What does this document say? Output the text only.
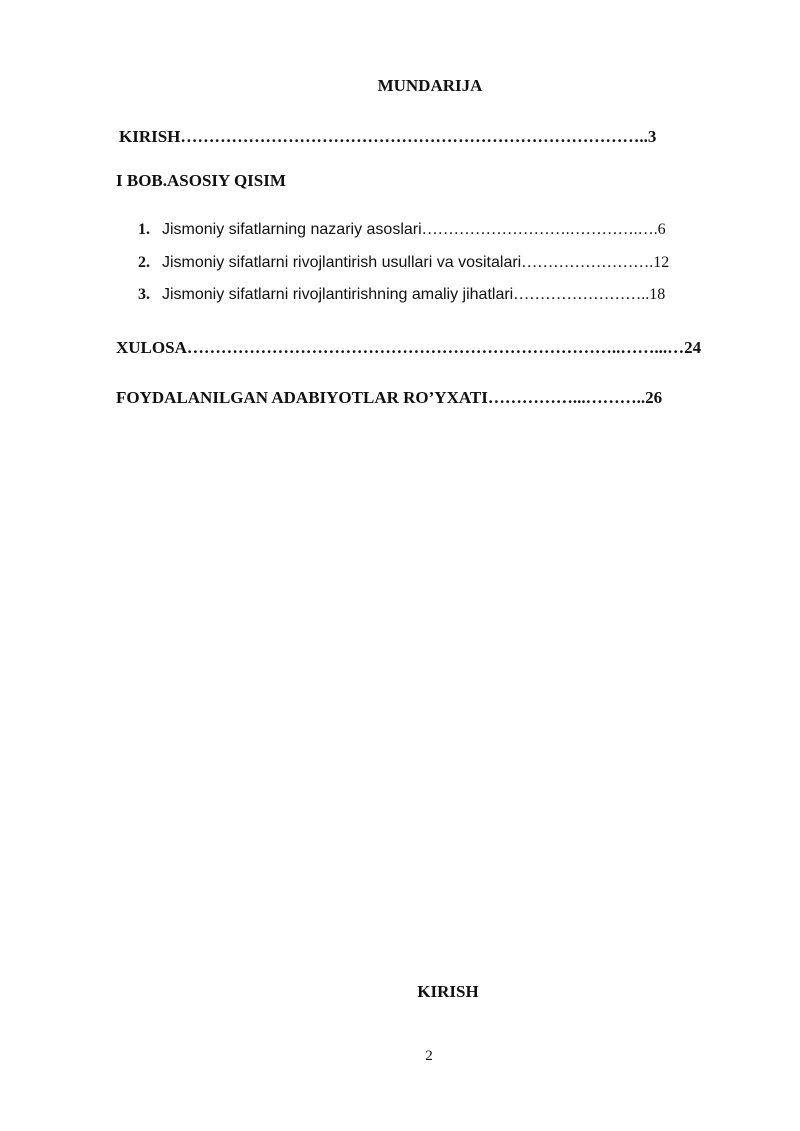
MUNDARIJA
KIRISH………………………………………………………………………..3
I BOB.ASOSIY QISIM
1. Jismoniy sifatlarning nazariy asoslari……………………….………….….6
2. Jismoniy sifatlarni rivojlantirish usullari va vositalari…………………….12
3. Jismoniy sifatlarni rivojlantirishning amaliy jihatlari……………………..18
XULOSA…………………………………………………………………..……...…24
FOYDALANILGAN ADABIYOTLAR RO’YXATI……………...………..26
KIRISH
2
